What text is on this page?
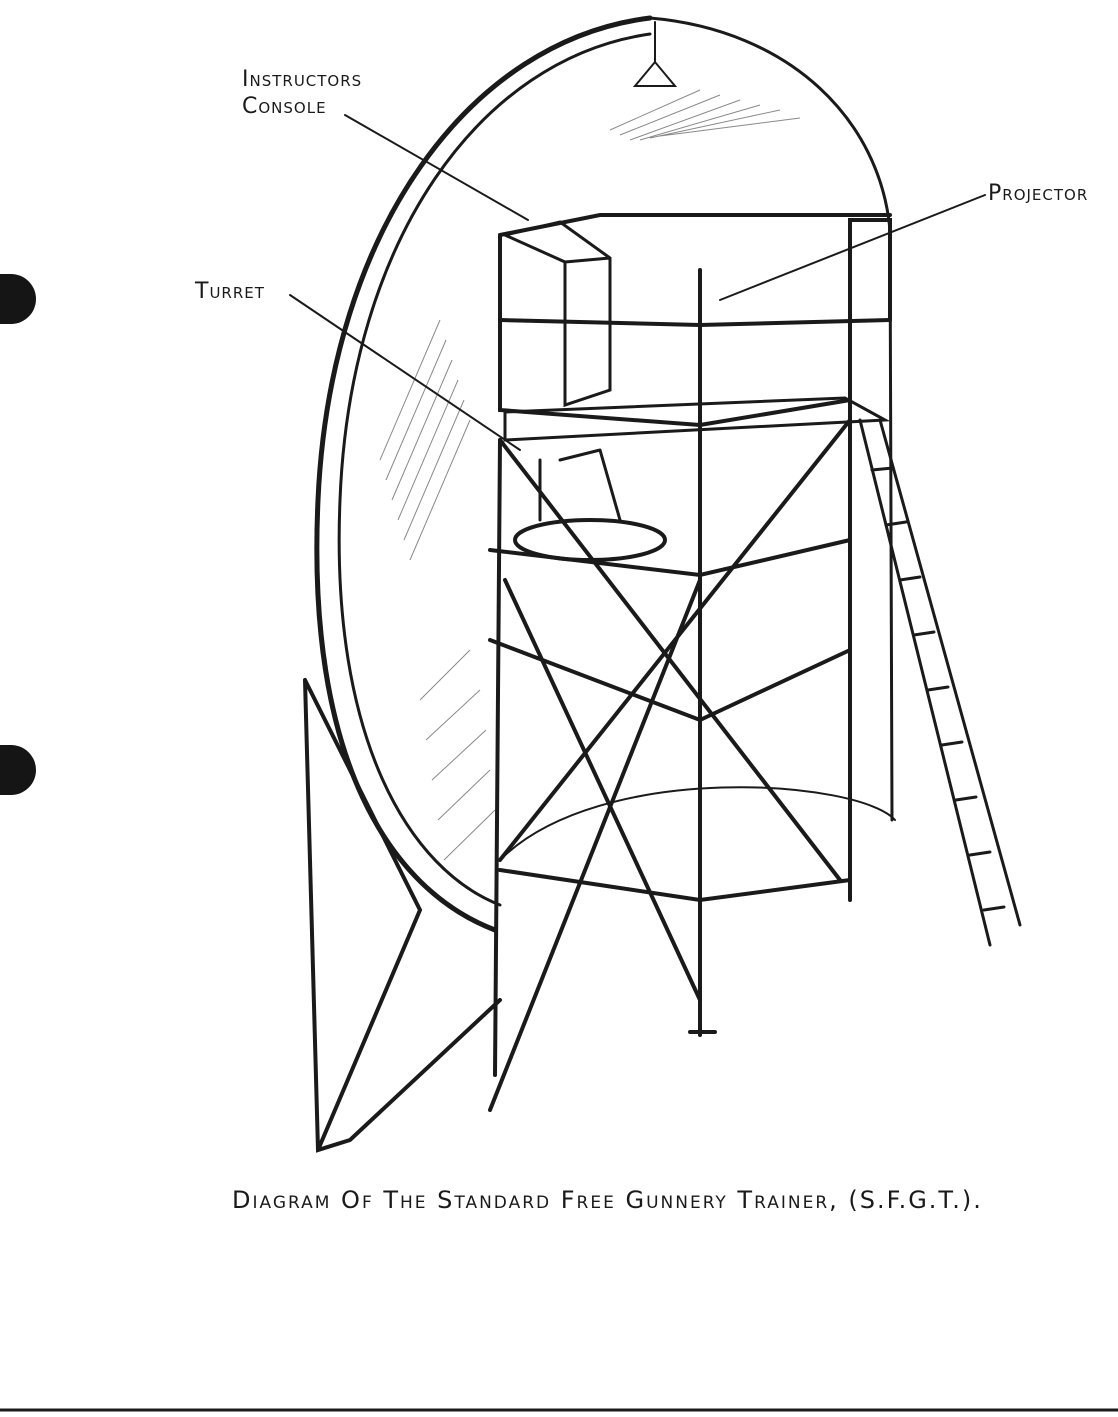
Instructors Console

Projector

Turret

Diagram Of The Standard Free Gunnery Trainer, (S.F.G.T.).
